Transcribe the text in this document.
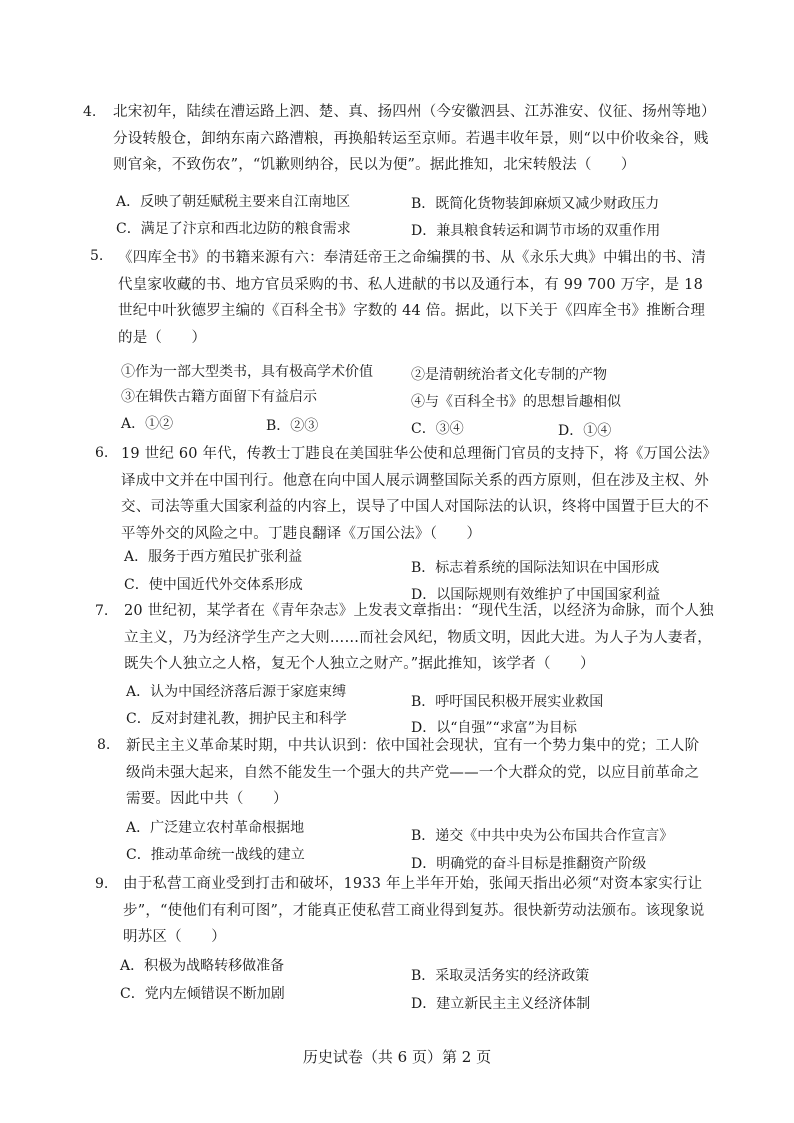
4. 北宋初年，陆续在漕运路上泗、楚、真、扬四州（今安徽泗县、江苏淮安、仪征、扬州等地）分设转般仓，卸纳东南六路漕粮，再换船转运至京师。若遇丰收年景，则“以中价收籴谷，贱则官籴，不致伤农”，“饥歉则纳谷，民以为便”。据此推知，北宋转般法（　　）
A．反映了朝廷赋税主要来自江南地区	B．既简化货物装卸麻烦又减少财政压力
C．满足了汴京和西北边防的粮食需求	D．兼具粮食转运和调节市场的双重作用
5. 《四库全书》的书籍来源有六：奉清廷帝王之命编撰的书、从《永乐大典》中辑出的书、清代皇家收藏的书、地方官员采购的书、私人进献的书以及通行本，有 99 700 万字，是 18 世纪中叶狄德罗主编的《百科全书》字数的 44 倍。据此，以下关于《四库全书》推断合理的是（　　）
①作为一部大型类书，具有极高学术价值	②是清朝统治者文化专制的产物
③在辑佚古籍方面留下有益启示	④与《百科全书》的思想旨趣相似
A．①②	B．②③	C．③④	D．①④
6. 19 世纪 60 年代，传教士丁韪良在美国驻华公使和总理衙门官员的支持下，将《万国公法》译成中文并在中国刊行。他意在向中国人展示调整国际关系的西方原则，但在涉及主权、外交、司法等重大国家利益的内容上，误导了中国人对国际法的认识，终将中国置于巨大的不平等外交的风险之中。丁韪良翻译《万国公法》（　　）
A．服务于西方殖民扩张利益
B．标志着系统的国际法知识在中国形成
C．使中国近代外交体系形成
D．以国际规则有效维护了中国国家利益
7. 20 世纪初，某学者在《青年杂志》上发表文章指出：“现代生活，以经济为命脉，而个人独立主义，乃为经济学生产之大则……而社会风纪，物质文明，因此大进。为人子为人妻者，既失个人独立之人格，复无个人独立之财产。”据此推知，该学者（　　）
A．认为中国经济落后源于家庭束缚
B．呼吁国民积极开展实业救国
C．反对封建礼教，拥护民主和科学
D．以“自强”“求富”为目标
8. 新民主主义革命某时期，中共认识到：依中国社会现状，宜有一个势力集中的党；工人阶级尚未强大起来，自然不能发生一个强大的共产党——一个大群众的党，以应目前革命之需要。因此中共（　　）
A．广泛建立农村革命根据地	B．递交《中共中央为公布国共合作宣言》
C．推动革命统一战线的建立
D．明确党的奋斗目标是推翻资产阶级
9. 由于私营工商业受到打击和破坏，1933 年上半年开始，张闻天指出必须“对资本家实行让步”，“使他们有利可图”，才能真正使私营工商业得到复苏。很快新劳动法颁布。该现象说明苏区（　　）
A．积极为战略转移做准备
B．采取灵活务实的经济政策
C．党内左倾错误不断加剧
D．建立新民主主义经济体制
历史试卷（共 6 页）第 2 页
